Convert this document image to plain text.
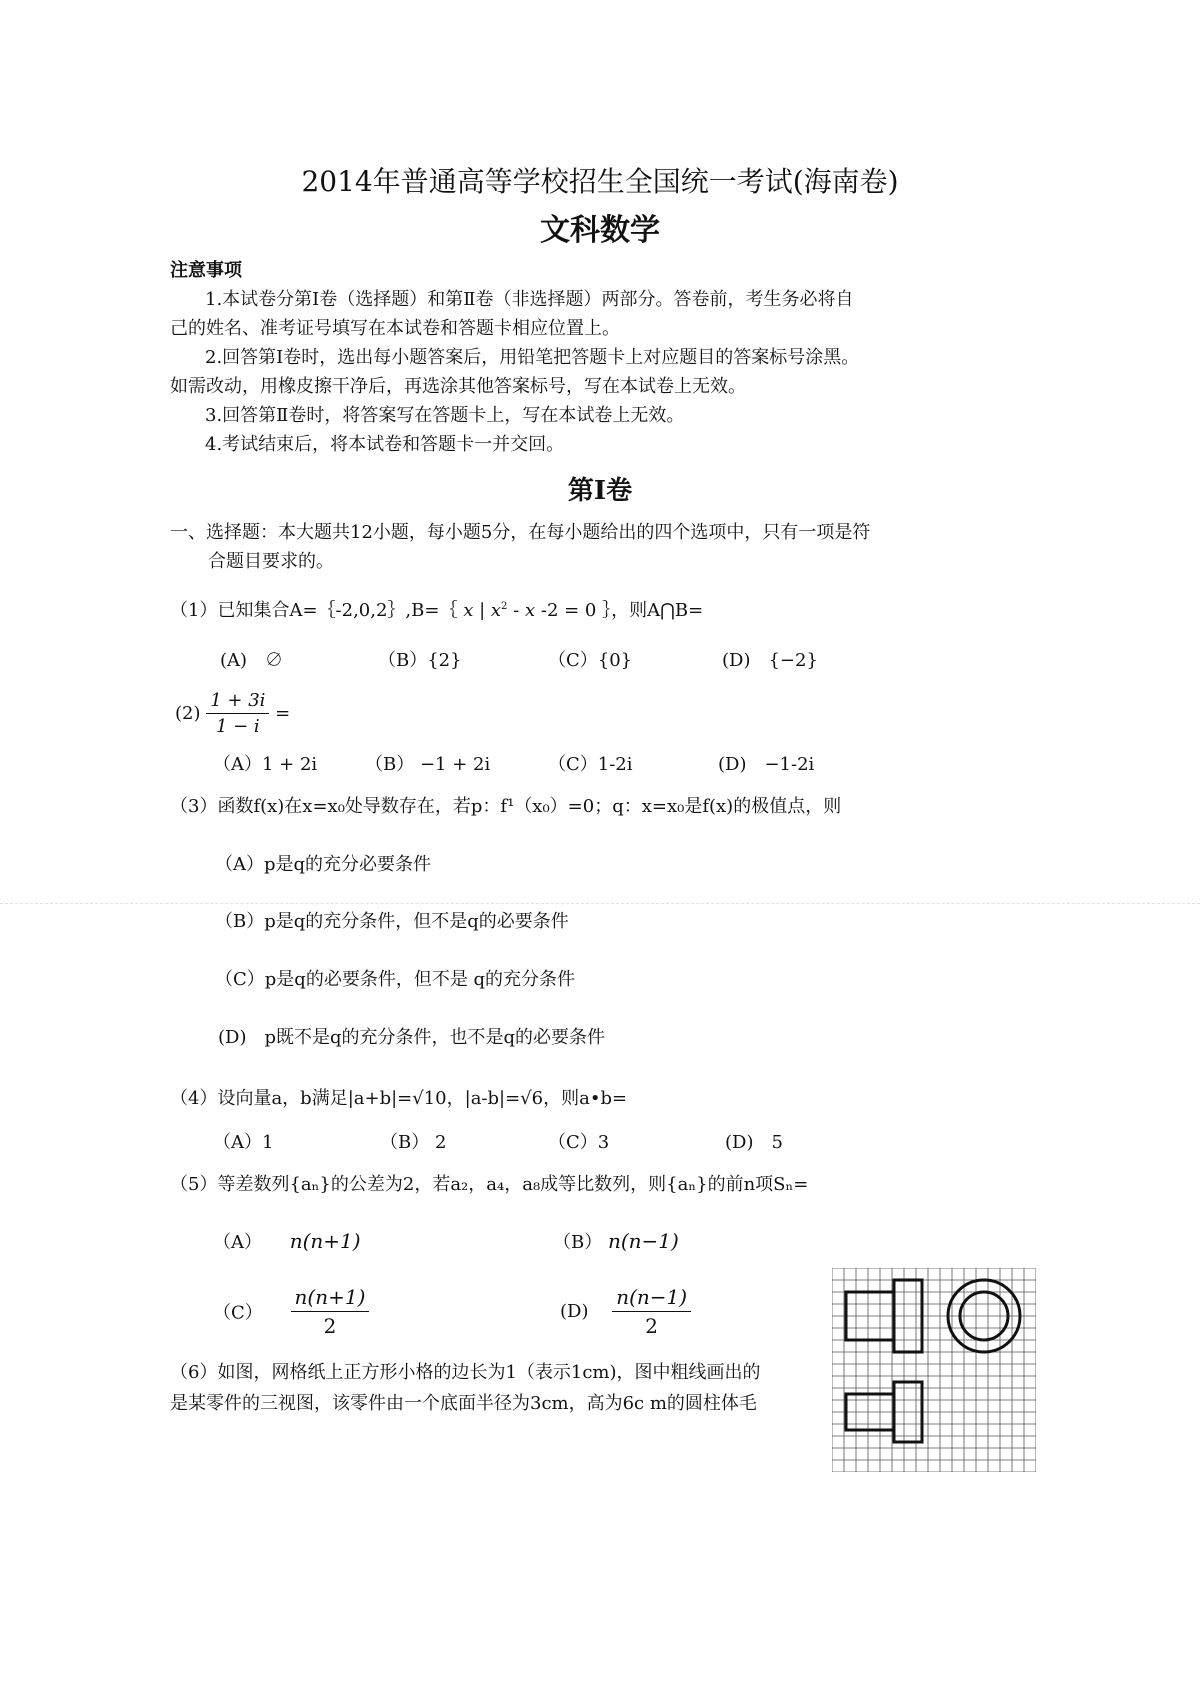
2014年普通高等学校招生全国统一考试(海南卷)
文科数学
注意事项
1.本试卷分第Ⅰ卷（选择题）和第Ⅱ卷（非选择题）两部分。答卷前，考生务必将自
己的姓名、准考证号填写在本试卷和答题卡相应位置上。
2.回答第Ⅰ卷时，选出每小题答案后，用铅笔把答题卡上对应题目的答案标号涂黑。
如需改动，用橡皮擦干净后，再选涂其他答案标号，写在本试卷上无效。
3.回答第Ⅱ卷时，将答案写在答题卡上，写在本试卷上无效。
4.考试结束后，将本试卷和答题卡一并交回。
第Ⅰ卷
一、选择题：本大题共12小题，每小题5分，在每小题给出的四个选项中，只有一项是符
合题目要求的。
（1）已知集合A=｛-2,0,2｝,B=｛ x | $x^2$ - x -2 = 0 ｝，则A⋂B=
(A)　∅	（B）{2}	（C）{0}	(D)　{−2}
$(2) \frac{1 + 3i}{1 - i}$ =
（A）1 + 2i	（B） −1 + 2i	（C）1-2i	(D)　−1-2i
（3）函数f(x)在x=x₀处导数存在，若p：f¹（x₀）=0；q：x=x₀是f(x)的极值点，则
（A）p是q的充分必要条件
（B）p是q的充分条件，但不是q的必要条件
（C）p是q的必要条件，但不是 q的充分条件
(D)　p既不是q的充分条件，也不是q的必要条件
（4）设向量a，b满足|a+b|=√10，|a-b|=√6，则a•b=
（A）1	（B） 2	（C）3	(D)　5
（5）等差数列{aₙ}的公差为2，若a₂，a₄，a₈成等比数列，则{aₙ}的前n项Sₙ=
（A） n(n+1)	（B） n(n−1)
$(C) \frac{n(n+1)}{2}$	$(D) \frac{n(n-1)}{2}$
（6）如图，网格纸上正方形小格的边长为1（表示1cm)，图中粗线画出的
是某零件的三视图，该零件由一个底面半径为3cm，高为6c m的圆柱体毛
